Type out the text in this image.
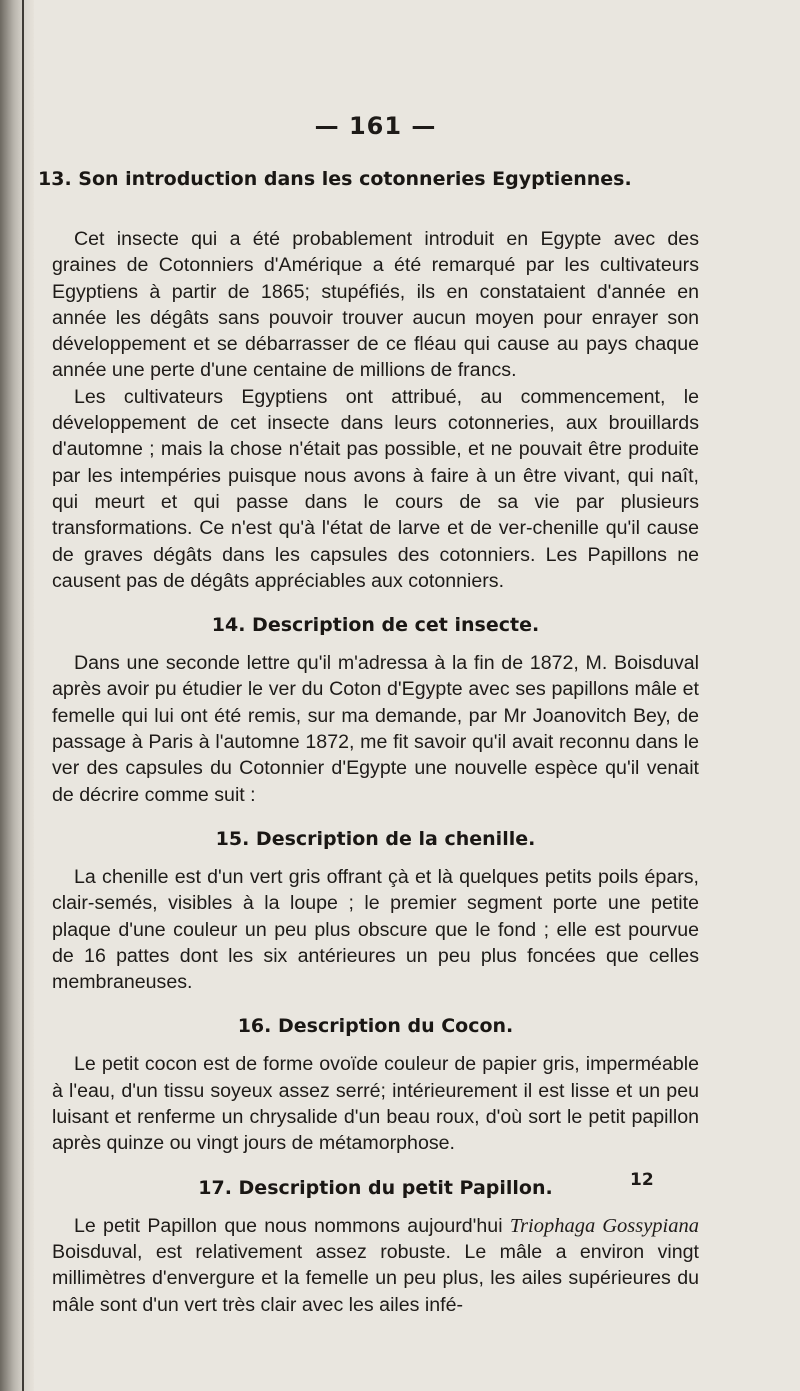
— 161 —
13. Son introduction dans les cotonneries Egyptiennes.

Cet insecte qui a été probablement introduit en Egypte avec des graines de Cotonniers d'Amérique a été remarqué par les cultivateurs Egyptiens à partir de 1865; stupéfiés, ils en constataient d'année en année les dégâts sans pouvoir trouver aucun moyen pour enrayer son développement et se débarrasser de ce fléau qui cause au pays chaque année une perte d'une centaine de millions de francs.

Les cultivateurs Egyptiens ont attribué, au commencement, le développement de cet insecte dans leurs cotonneries, aux brouillards d'automne ; mais la chose n'était pas possible, et ne pouvait être produite par les intempéries puisque nous avons à faire à un être vivant, qui naît, qui meurt et qui passe dans le cours de sa vie par plusieurs transformations. Ce n'est qu'à l'état de larve et de ver-chenille qu'il cause de graves dégâts dans les capsules des cotonniers. Les Papillons ne causent pas de dégâts appréciables aux cotonniers.

14. Description de cet insecte.

Dans une seconde lettre qu'il m'adressa à la fin de 1872, M. Boisduval après avoir pu étudier le ver du Coton d'Egypte avec ses papillons mâle et femelle qui lui ont été remis, sur ma demande, par Mr Joanovitch Bey, de passage à Paris à l'automne 1872, me fit savoir qu'il avait reconnu dans le ver des capsules du Cotonnier d'Egypte une nouvelle espèce qu'il venait de décrire comme suit :

15. Description de la chenille.

La chenille est d'un vert gris offrant çà et là quelques petits poils épars, clair-semés, visibles à la loupe ; le premier segment porte une petite plaque d'une couleur un peu plus obscure que le fond ; elle est pourvue de 16 pattes dont les six antérieures un peu plus foncées que celles membraneuses.

16. Description du Cocon.

Le petit cocon est de forme ovoïde couleur de papier gris, imperméable à l'eau, d'un tissu soyeux assez serré; intérieurement il est lisse et un peu luisant et renferme un chrysalide d'un beau roux, d'où sort le petit papillon après quinze ou vingt jours de métamorphose.

17. Description du petit Papillon.

Le petit Papillon que nous nommons aujourd'hui Triophaga Gossypiana Boisduval, est relativement assez robuste. Le mâle a environ vingt millimètres d'envergure et la femelle un peu plus, les ailes supérieures du mâle sont d'un vert très clair avec les ailes infé-

12
